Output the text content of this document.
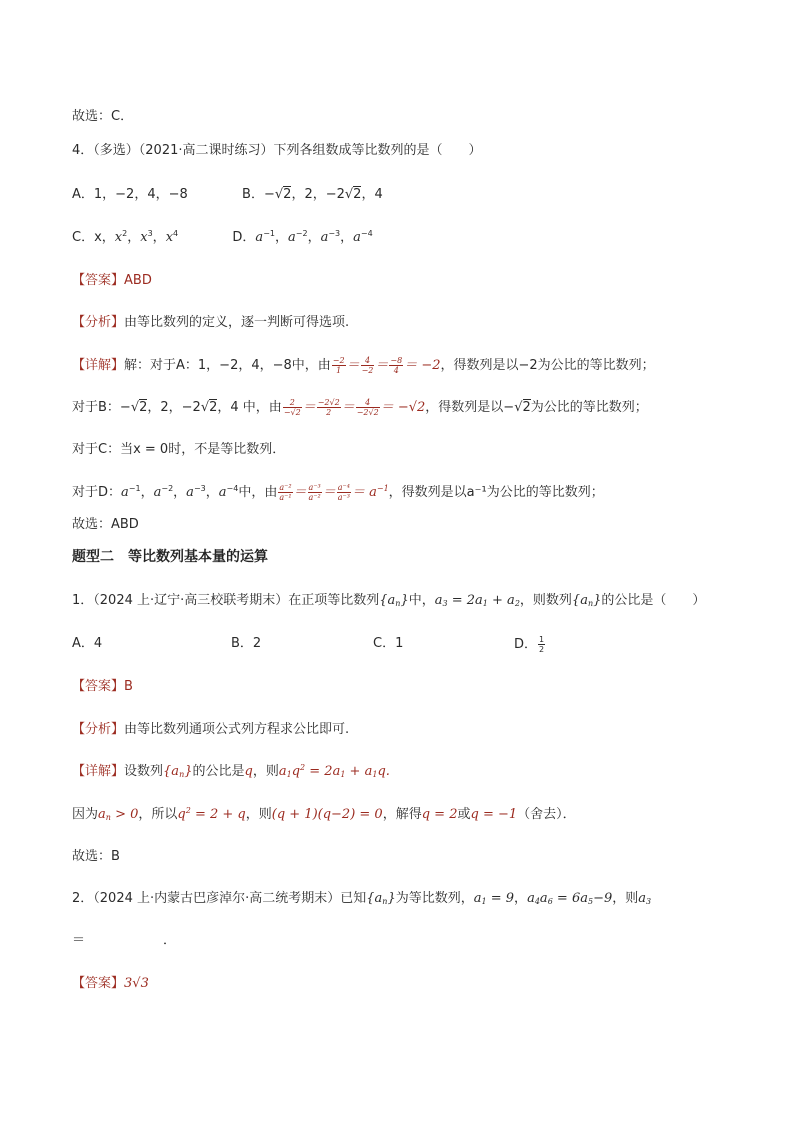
故选：C．
4．（多选）（2021·高二课时练习）下列各组数成等比数列的是（　　）
A．1，−2，4，−8	B．−√2，2，−2√2，4
C．x，$x^2$，$x^3$，$x^4$	D．$a^{-1}$，$a^{-2}$，$a^{-3}$，$a^{-4}$
【答案】ABD
【分析】由等比数列的定义，逐一判断可得选项.
【详解】解：对于A：1，−2，4，−8中，由 $\frac{-2}{1} = \frac{4}{-2} = \frac{-8}{4} = -2$，得数列是以−2为公比的等比数列；
对于B：−√2，2，−2√2，4 中，由 $\frac{2}{-√2} = \frac{-2√2}{2} = \frac{4}{-2√2} = -√2$，得数列是以−√2为公比的等比数列；
对于C：当x = 0时，不是等比数列．
对于D：$a^{-1}$，$a^{-2}$，$a^{-3}$，$a^{-4}$中，由 $\frac{\text{a⁻²}}{\text{a⁻¹}} = \frac{\text{a⁻³}}{\text{a⁻²}} = \frac{\text{a⁻⁴}}{\text{a⁻³}} = a^{-1}$，得数列是以a⁻¹为公比的等比数列；
故选：ABD
题型二　等比数列基本量的运算
1．（2024 上·辽宁·高三校联考期末）在正项等比数列$\{a_n\}$中，$a_3 = 2a_1 + a_2$，则数列$\{a_n\}$的公比是（　　）
A．4	B．2	C．1	D． $\frac{1}{2}$
【答案】B
【分析】由等比数列通项公式列方程求公比即可.
【详解】设数列$\{a_n\}$的公比是q，则$a_1q^2 = 2a_1 + a_1q$.
因为$a_n > 0$，所以$q^2 = 2 + q$，则(q + 1)(q−2) = 0，解得q = 2或q = −1（舍去）．
故选：B
2．（2024 上·内蒙古巴彦淖尔·高二统考期末）已知$\{a_n\}$为等比数列，$a_1 = 9$，$a_4a_6 = 6a_5-9$，则$a_3$
＝　　　　　　．
【答案】3√3
